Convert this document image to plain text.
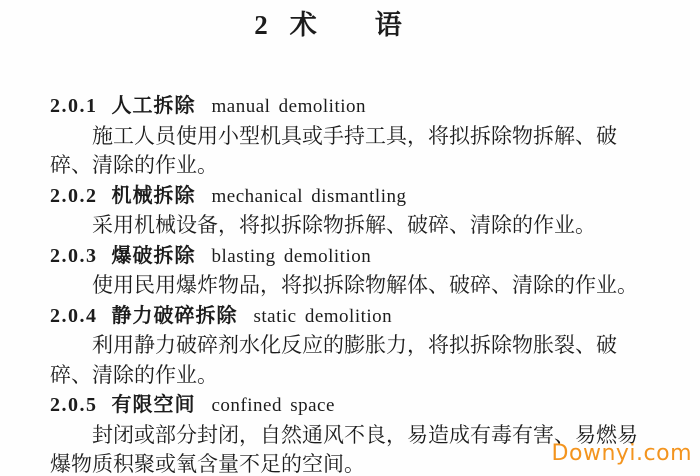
2 术 语
2.0.1 人工拆除 manual demolition
施工人员使用小型机具或手持工具，将拟拆除物拆解、破
碎、清除的作业。
2.0.2 机械拆除 mechanical dismantling
采用机械设备，将拟拆除物拆解、破碎、清除的作业。
2.0.3 爆破拆除 blasting demolition
使用民用爆炸物品，将拟拆除物解体、破碎、清除的作业。
2.0.4 静力破碎拆除 static demolition
利用静力破碎剂水化反应的膨胀力，将拟拆除物胀裂、破
碎、清除的作业。
2.0.5 有限空间 confined space
封闭或部分封闭，自然通风不良，易造成有毒有害、易燃易
爆物质积聚或氧含量不足的空间。	Downyi.com
